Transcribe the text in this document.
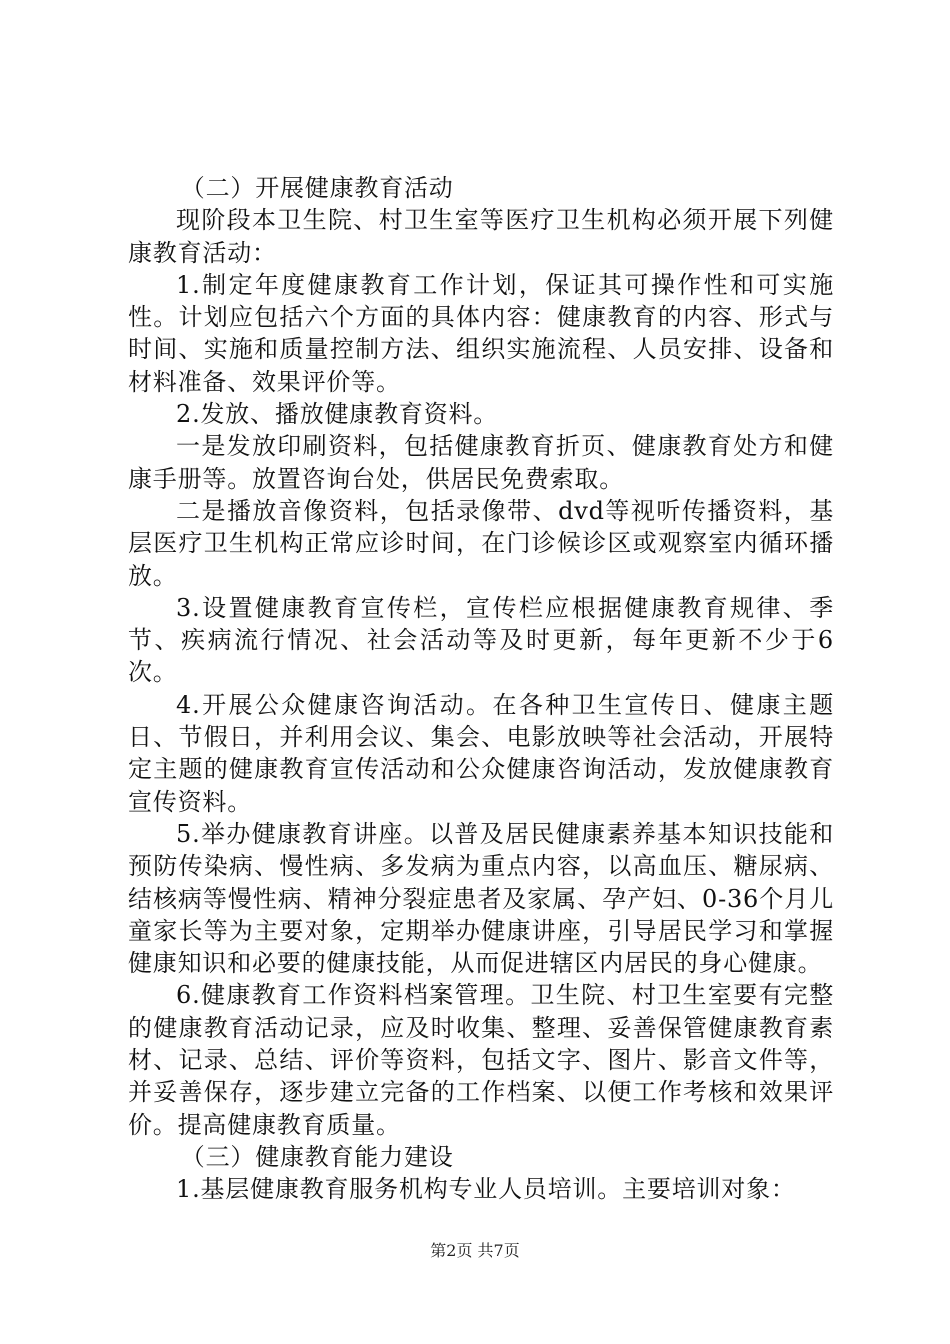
（二）开展健康教育活动

现阶段本卫生院、村卫生室等医疗卫生机构必须开展下列健康教育活动：

1.制定年度健康教育工作计划，保证其可操作性和可实施性。计划应包括六个方面的具体内容：健康教育的内容、形式与时间、实施和质量控制方法、组织实施流程、人员安排、设备和材料准备、效果评价等。

2.发放、播放健康教育资料。

一是发放印刷资料，包括健康教育折页、健康教育处方和健康手册等。放置咨询台处，供居民免费索取。

二是播放音像资料，包括录像带、dvd等视听传播资料，基层医疗卫生机构正常应诊时间，在门诊候诊区或观察室内循环播放。

3.设置健康教育宣传栏，宣传栏应根据健康教育规律、季节、疾病流行情况、社会活动等及时更新，每年更新不少于6次。

4.开展公众健康咨询活动。在各种卫生宣传日、健康主题日、节假日，并利用会议、集会、电影放映等社会活动，开展特定主题的健康教育宣传活动和公众健康咨询活动，发放健康教育宣传资料。

5.举办健康教育讲座。以普及居民健康素养基本知识技能和预防传染病、慢性病、多发病为重点内容，以高血压、糖尿病、结核病等慢性病、精神分裂症患者及家属、孕产妇、0-36个月儿童家长等为主要对象，定期举办健康讲座，引导居民学习和掌握健康知识和必要的健康技能，从而促进辖区内居民的身心健康。

6.健康教育工作资料档案管理。卫生院、村卫生室要有完整的健康教育活动记录，应及时收集、整理、妥善保管健康教育素材、记录、总结、评价等资料，包括文字、图片、影音文件等，并妥善保存，逐步建立完备的工作档案、以便工作考核和效果评价。提高健康教育质量。

（三）健康教育能力建设

1.基层健康教育服务机构专业人员培训。主要培训对象：

第2页 共7页
